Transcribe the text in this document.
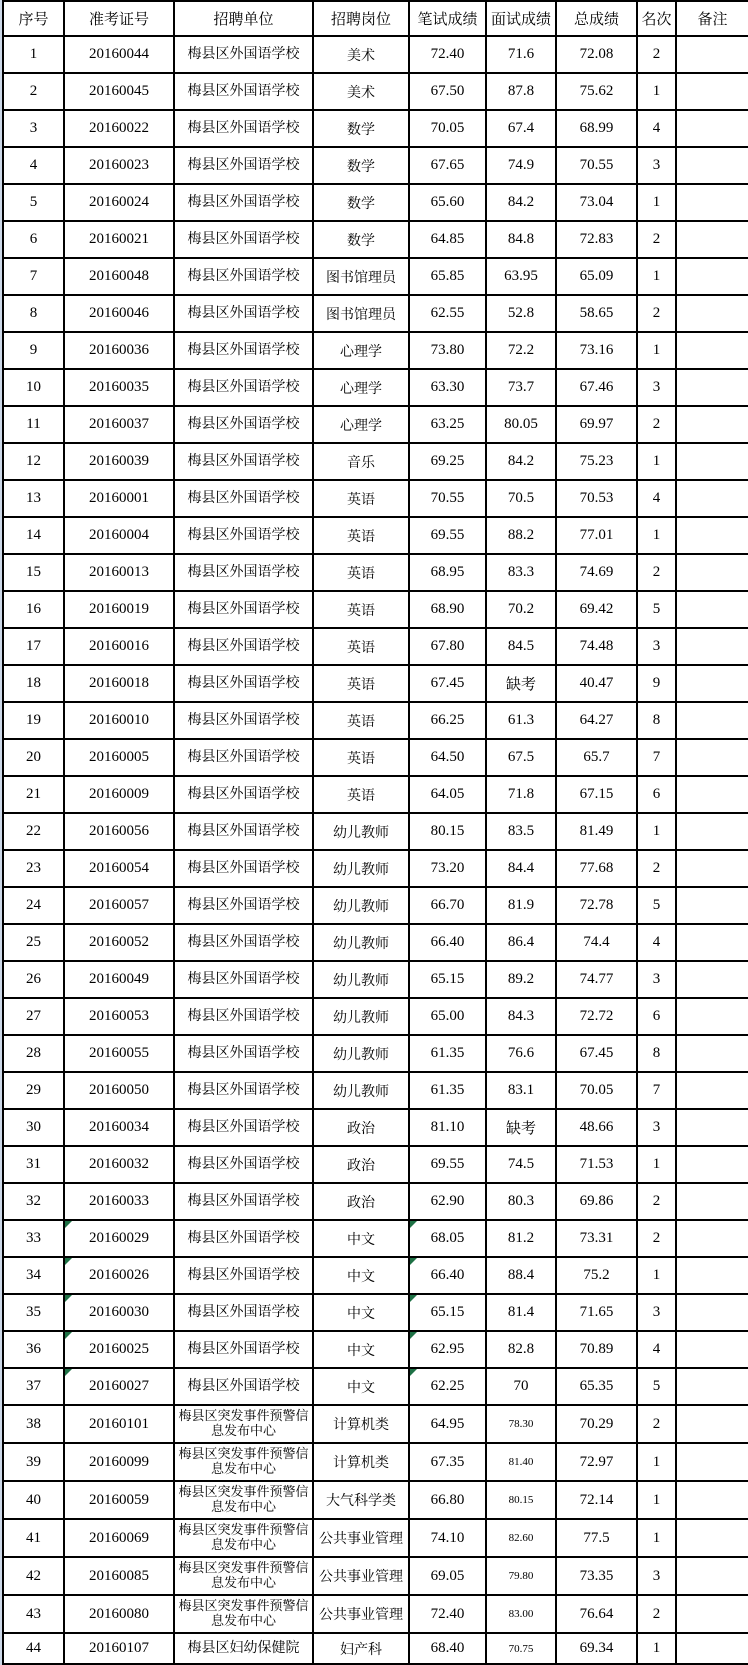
序号	准考证号	招聘单位	招聘岗位	笔试成绩	面试成绩	总成绩	名次	备注
1	20160044	梅县区外国语学校	美术	72.40	71.6	72.08	2	
2	20160045	梅县区外国语学校	美术	67.50	87.8	75.62	1	
3	20160022	梅县区外国语学校	数学	70.05	67.4	68.99	4	
4	20160023	梅县区外国语学校	数学	67.65	74.9	70.55	3	
5	20160024	梅县区外国语学校	数学	65.60	84.2	73.04	1	
6	20160021	梅县区外国语学校	数学	64.85	84.8	72.83	2	
7	20160048	梅县区外国语学校	图书馆理员	65.85	63.95	65.09	1	
8	20160046	梅县区外国语学校	图书馆理员	62.55	52.8	58.65	2	
9	20160036	梅县区外国语学校	心理学	73.80	72.2	73.16	1	
10	20160035	梅县区外国语学校	心理学	63.30	73.7	67.46	3	
11	20160037	梅县区外国语学校	心理学	63.25	80.05	69.97	2	
12	20160039	梅县区外国语学校	音乐	69.25	84.2	75.23	1	
13	20160001	梅县区外国语学校	英语	70.55	70.5	70.53	4	
14	20160004	梅县区外国语学校	英语	69.55	88.2	77.01	1	
15	20160013	梅县区外国语学校	英语	68.95	83.3	74.69	2	
16	20160019	梅县区外国语学校	英语	68.90	70.2	69.42	5	
17	20160016	梅县区外国语学校	英语	67.80	84.5	74.48	3	
18	20160018	梅县区外国语学校	英语	67.45	缺考	40.47	9	
19	20160010	梅县区外国语学校	英语	66.25	61.3	64.27	8	
20	20160005	梅县区外国语学校	英语	64.50	67.5	65.7	7	
21	20160009	梅县区外国语学校	英语	64.05	71.8	67.15	6	
22	20160056	梅县区外国语学校	幼儿教师	80.15	83.5	81.49	1	
23	20160054	梅县区外国语学校	幼儿教师	73.20	84.4	77.68	2	
24	20160057	梅县区外国语学校	幼儿教师	66.70	81.9	72.78	5	
25	20160052	梅县区外国语学校	幼儿教师	66.40	86.4	74.4	4	
26	20160049	梅县区外国语学校	幼儿教师	65.15	89.2	74.77	3	
27	20160053	梅县区外国语学校	幼儿教师	65.00	84.3	72.72	6	
28	20160055	梅县区外国语学校	幼儿教师	61.35	76.6	67.45	8	
29	20160050	梅县区外国语学校	幼儿教师	61.35	83.1	70.05	7	
30	20160034	梅县区外国语学校	政治	81.10	缺考	48.66	3	
31	20160032	梅县区外国语学校	政治	69.55	74.5	71.53	1	
32	20160033	梅县区外国语学校	政治	62.90	80.3	69.86	2	
33	20160029	梅县区外国语学校	中文	68.05	81.2	73.31	2	
34	20160026	梅县区外国语学校	中文	66.40	88.4	75.2	1	
35	20160030	梅县区外国语学校	中文	65.15	81.4	71.65	3	
36	20160025	梅县区外国语学校	中文	62.95	82.8	70.89	4	
37	20160027	梅县区外国语学校	中文	62.25	70	65.35	5	
38	20160101	梅县区突发事件预警信息发布中心	计算机类	64.95	78.30	70.29	2	
39	20160099	梅县区突发事件预警信息发布中心	计算机类	67.35	81.40	72.97	1	
40	20160059	梅县区突发事件预警信息发布中心	大气科学类	66.80	80.15	72.14	1	
41	20160069	梅县区突发事件预警信息发布中心	公共事业管理	74.10	82.60	77.5	1	
42	20160085	梅县区突发事件预警信息发布中心	公共事业管理	69.05	79.80	73.35	3	
43	20160080	梅县区突发事件预警信息发布中心	公共事业管理	72.40	83.00	76.64	2	
44	20160107	梅县区妇幼保健院	妇产科	68.40	70.75	69.34	1	
